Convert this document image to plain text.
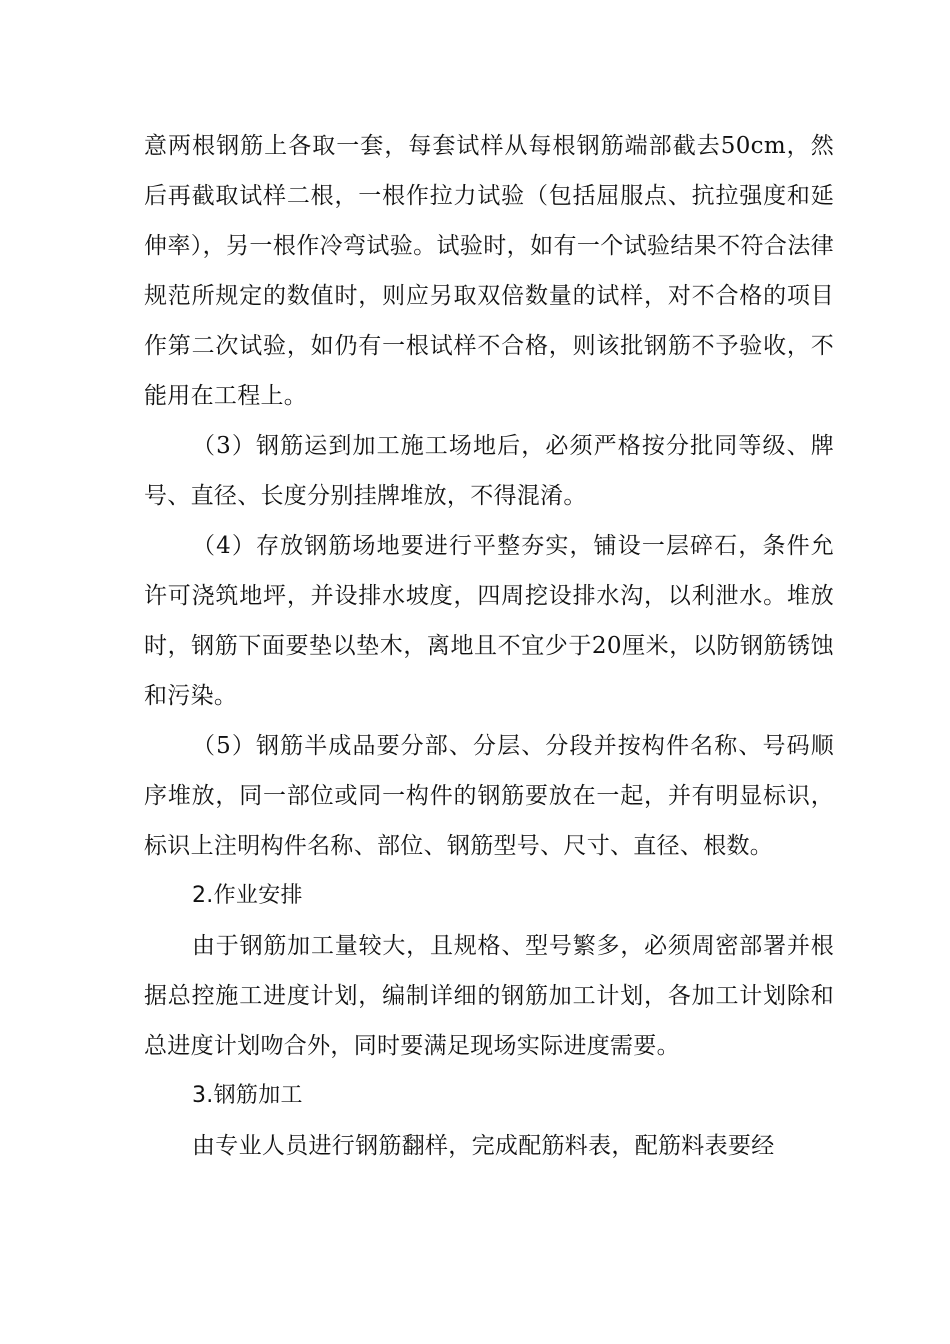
意两根钢筋上各取一套，每套试样从每根钢筋端部截去50cm，然后再截取试样二根，一根作拉力试验（包括屈服点、抗拉强度和延伸率），另一根作冷弯试验。试验时，如有一个试验结果不符合法律规范所规定的数值时，则应另取双倍数量的试样，对不合格的项目作第二次试验，如仍有一根试样不合格，则该批钢筋不予验收，不能用在工程上。

（3）钢筋运到加工施工场地后，必须严格按分批同等级、牌号、直径、长度分别挂牌堆放，不得混淆。

（4）存放钢筋场地要进行平整夯实，铺设一层碎石，条件允许可浇筑地坪，并设排水坡度，四周挖设排水沟，以利泄水。堆放时，钢筋下面要垫以垫木，离地且不宜少于20厘米，以防钢筋锈蚀和污染。

（5）钢筋半成品要分部、分层、分段并按构件名称、号码顺序堆放，同一部位或同一构件的钢筋要放在一起，并有明显标识，标识上注明构件名称、部位、钢筋型号、尺寸、直径、根数。

2.作业安排

由于钢筋加工量较大，且规格、型号繁多，必须周密部署并根据总控施工进度计划，编制详细的钢筋加工计划，各加工计划除和总进度计划吻合外，同时要满足现场实际进度需要。

3.钢筋加工

由专业人员进行钢筋翻样，完成配筋料表，配筋料表要经
